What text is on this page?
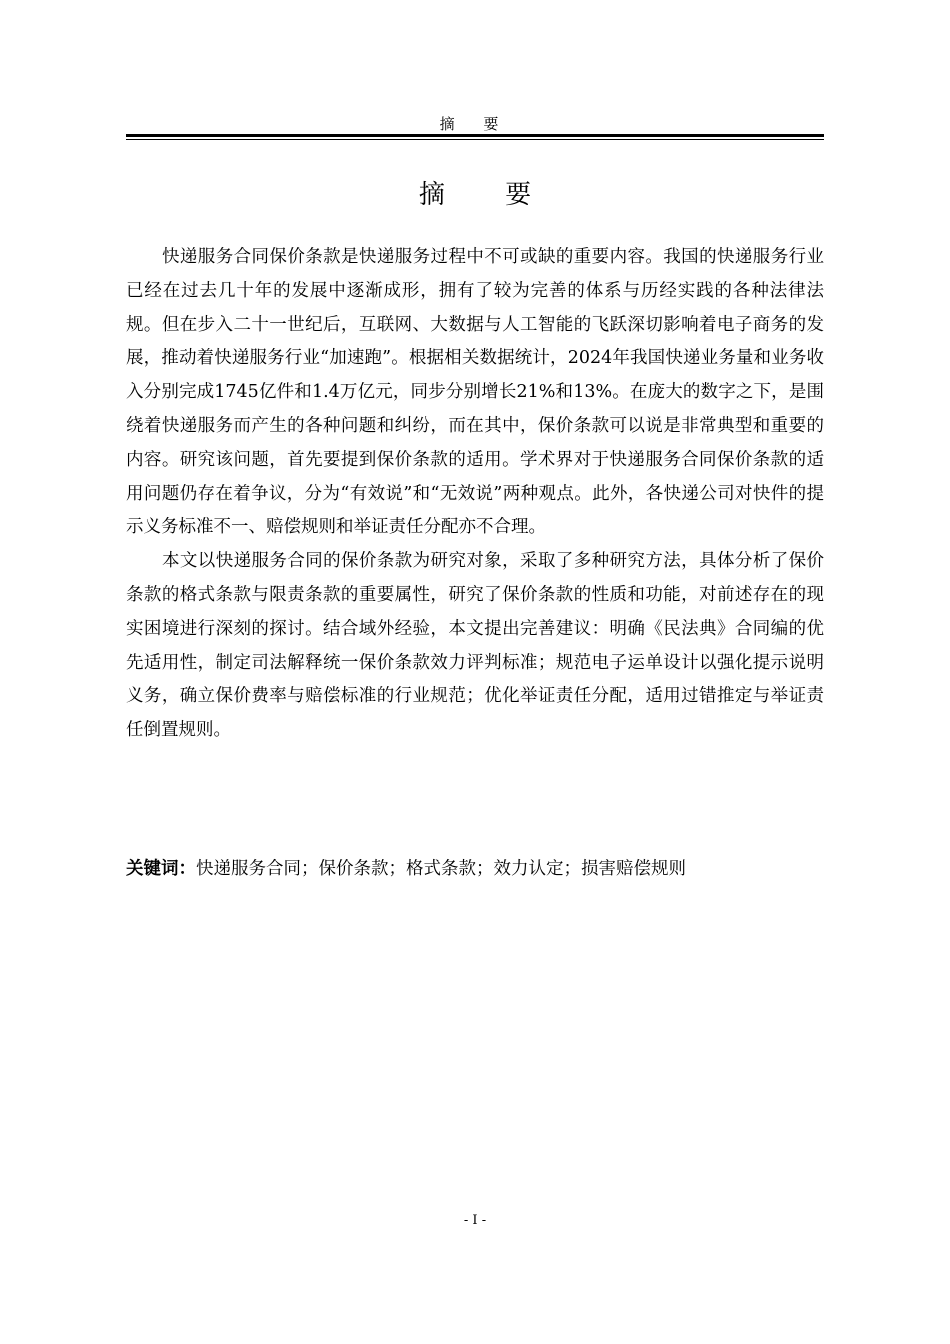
摘 要
摘 要

快递服务合同保价条款是快递服务过程中不可或缺的重要内容。我国的快递服务行业已经在过去几十年的发展中逐渐成形，拥有了较为完善的体系与历经实践的各种法律法规。但在步入二十一世纪后，互联网、大数据与人工智能的飞跃深切影响着电子商务的发展，推动着快递服务行业“加速跑”。根据相关数据统计，2024年我国快递业务量和业务收入分别完成1745亿件和1.4万亿元，同步分别增长21%和13%。在庞大的数字之下，是围绕着快递服务而产生的各种问题和纠纷，而在其中，保价条款可以说是非常典型和重要的内容。研究该问题，首先要提到保价条款的适用。学术界对于快递服务合同保价条款的适用问题仍存在着争议，分为“有效说”和“无效说”两种观点。此外，各快递公司对快件的提示义务标准不一、赔偿规则和举证责任分配亦不合理。

本文以快递服务合同的保价条款为研究对象，采取了多种研究方法，具体分析了保价条款的格式条款与限责条款的重要属性，研究了保价条款的性质和功能，对前述存在的现实困境进行深刻的探讨。结合域外经验，本文提出完善建议：明确《民法典》合同编的优先适用性，制定司法解释统一保价条款效力评判标准；规范电子运单设计以强化提示说明义务，确立保价费率与赔偿标准的行业规范；优化举证责任分配，适用过错推定与举证责任倒置规则。

关键词：快递服务合同；保价条款；格式条款；效力认定；损害赔偿规则
- I -
